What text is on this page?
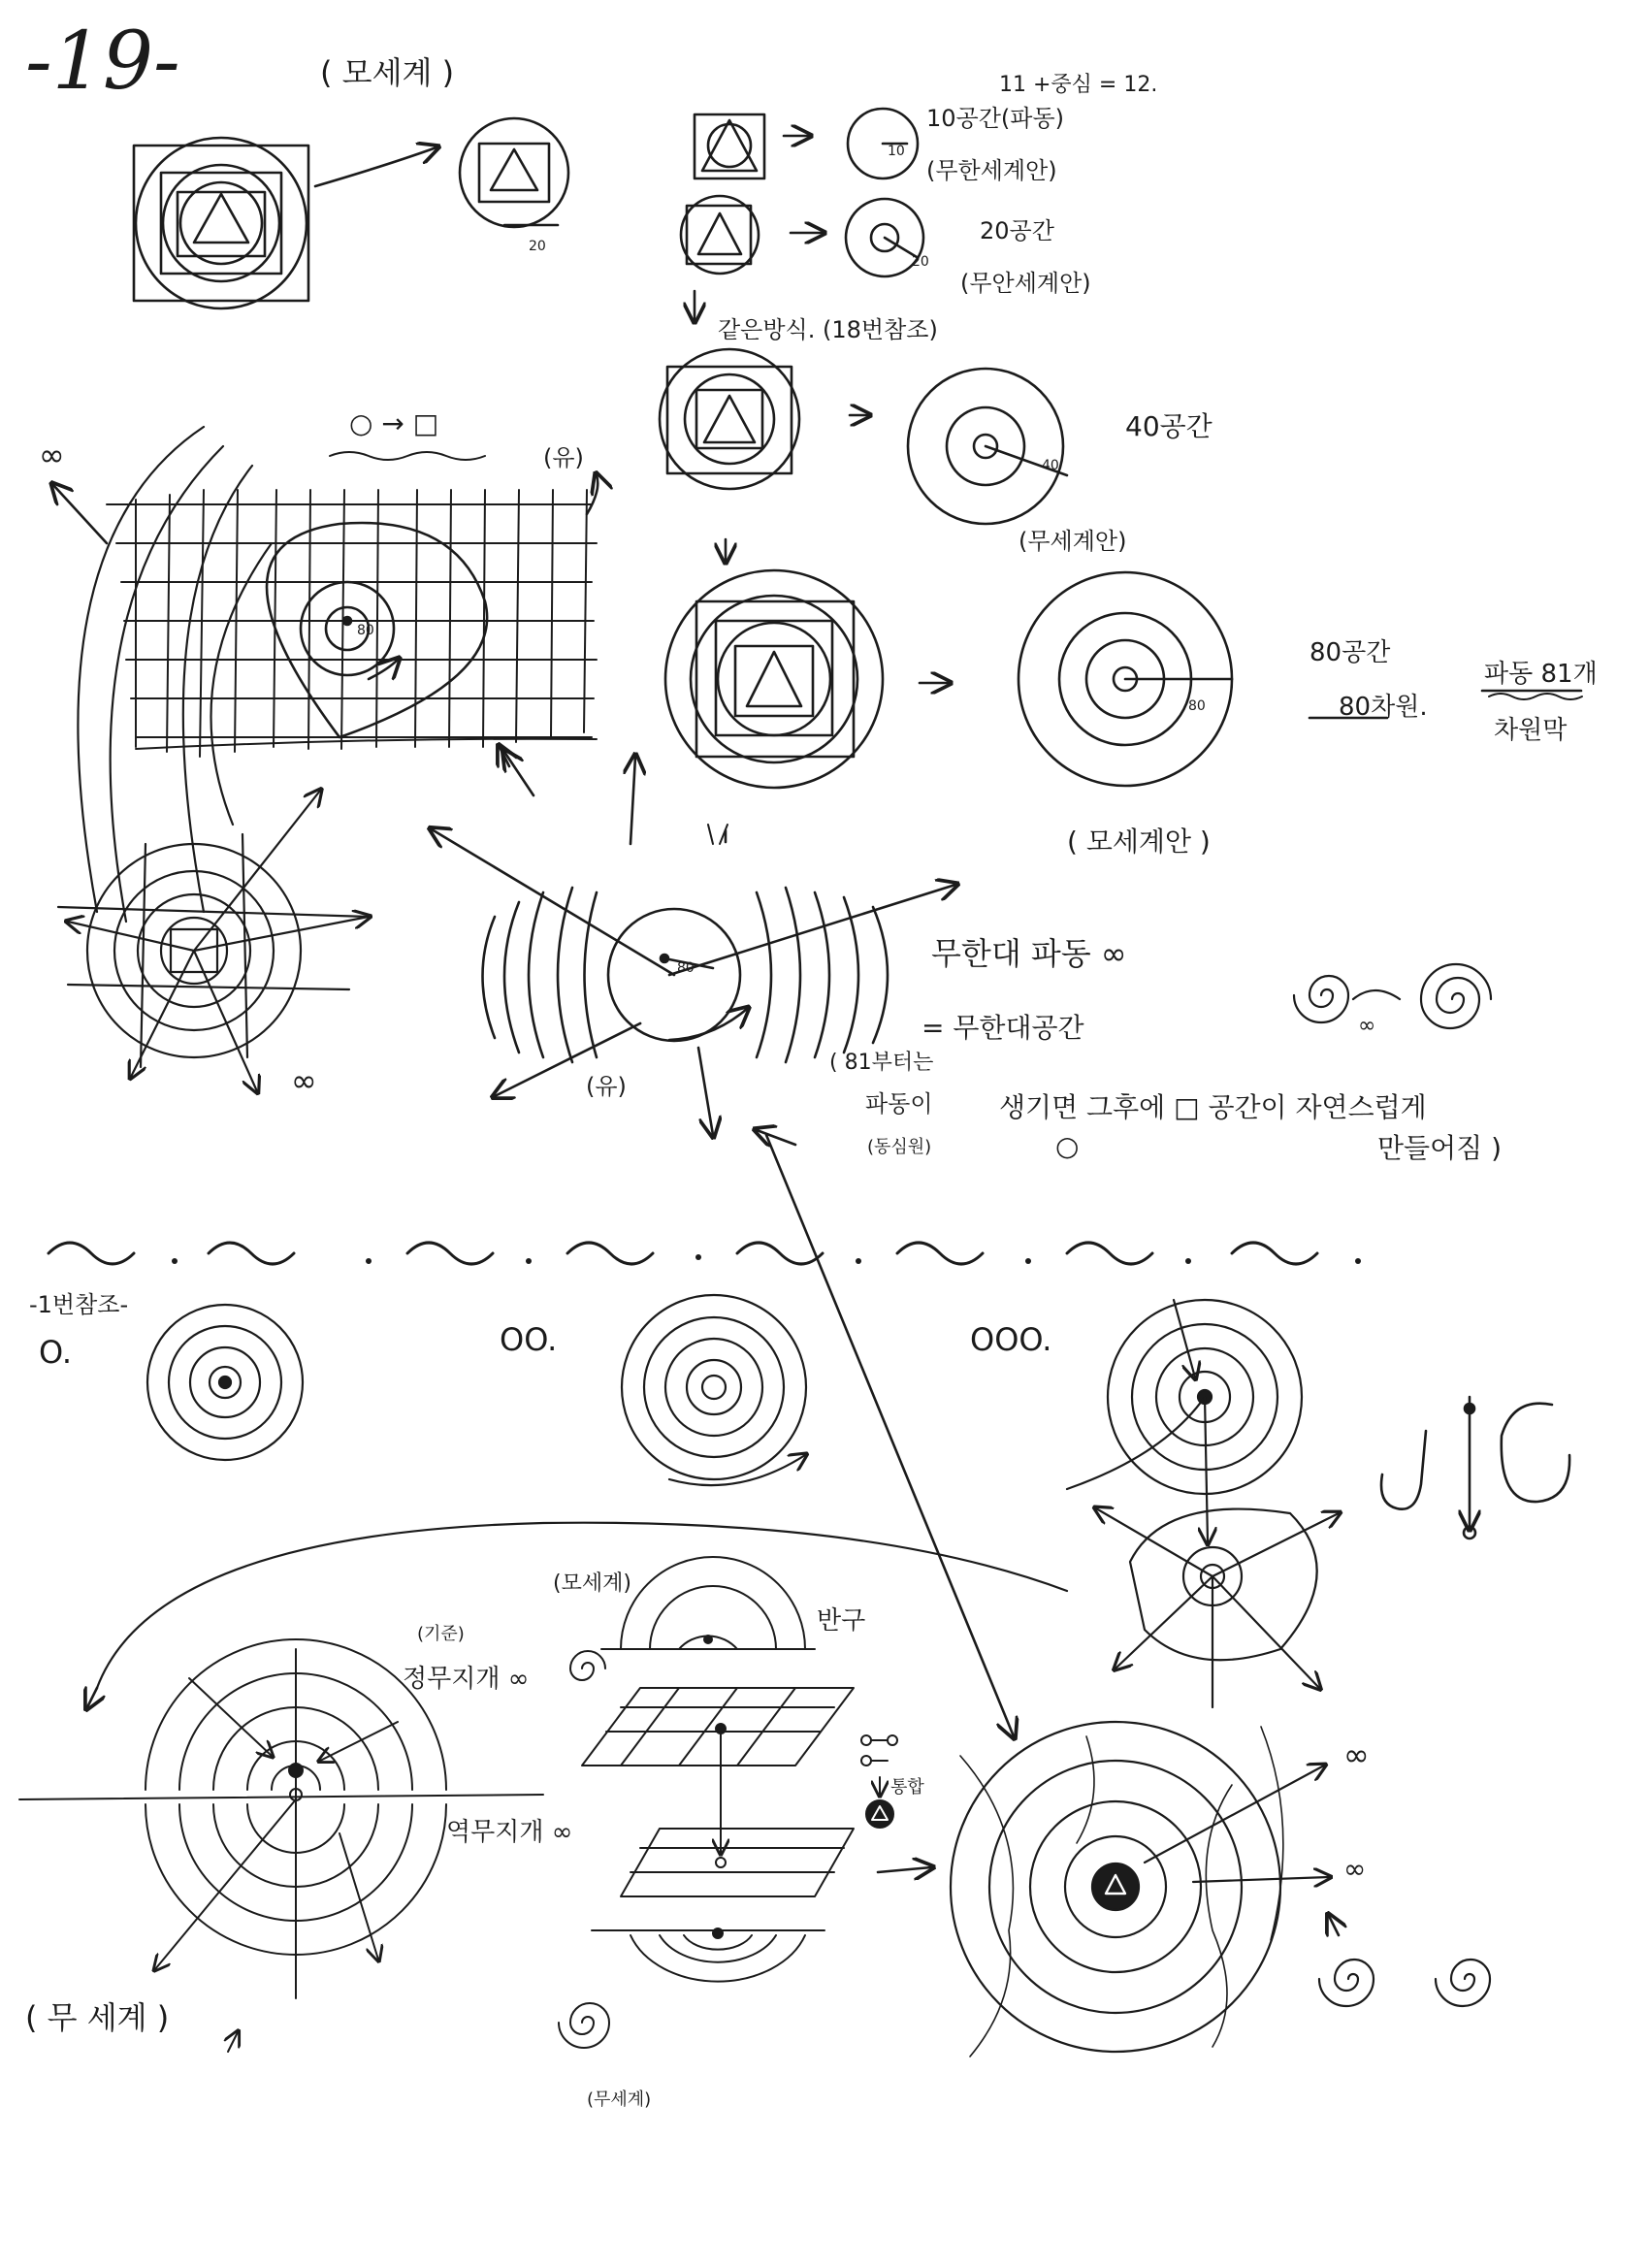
-19-	( 모세계 )	11 +중심 = 12.
10공간(파동)
(무한세계안)
20공간
(무안세계안)
같은방식. (18번참조)
40공간
(무세계안)
80공간
80차원.
파동 81개
차원막
( 모세계안 )
20
10
20
40
80
80
80
∞
○ → □
(유)
∞
무한대 파동 ∞
= 무한대공간
(유)
( 81부터는
파동이
(동심원)
생기면 그후에 □ 공간이 자연스럽게
만들어짐 )
○
∞
-1번참조-
O.	OO.	OOO.
(모세계)
반구
(기준)
정무지개 ∞
역무지개 ∞
( 무 세계 )
(무세계)
통합
∞
∞
